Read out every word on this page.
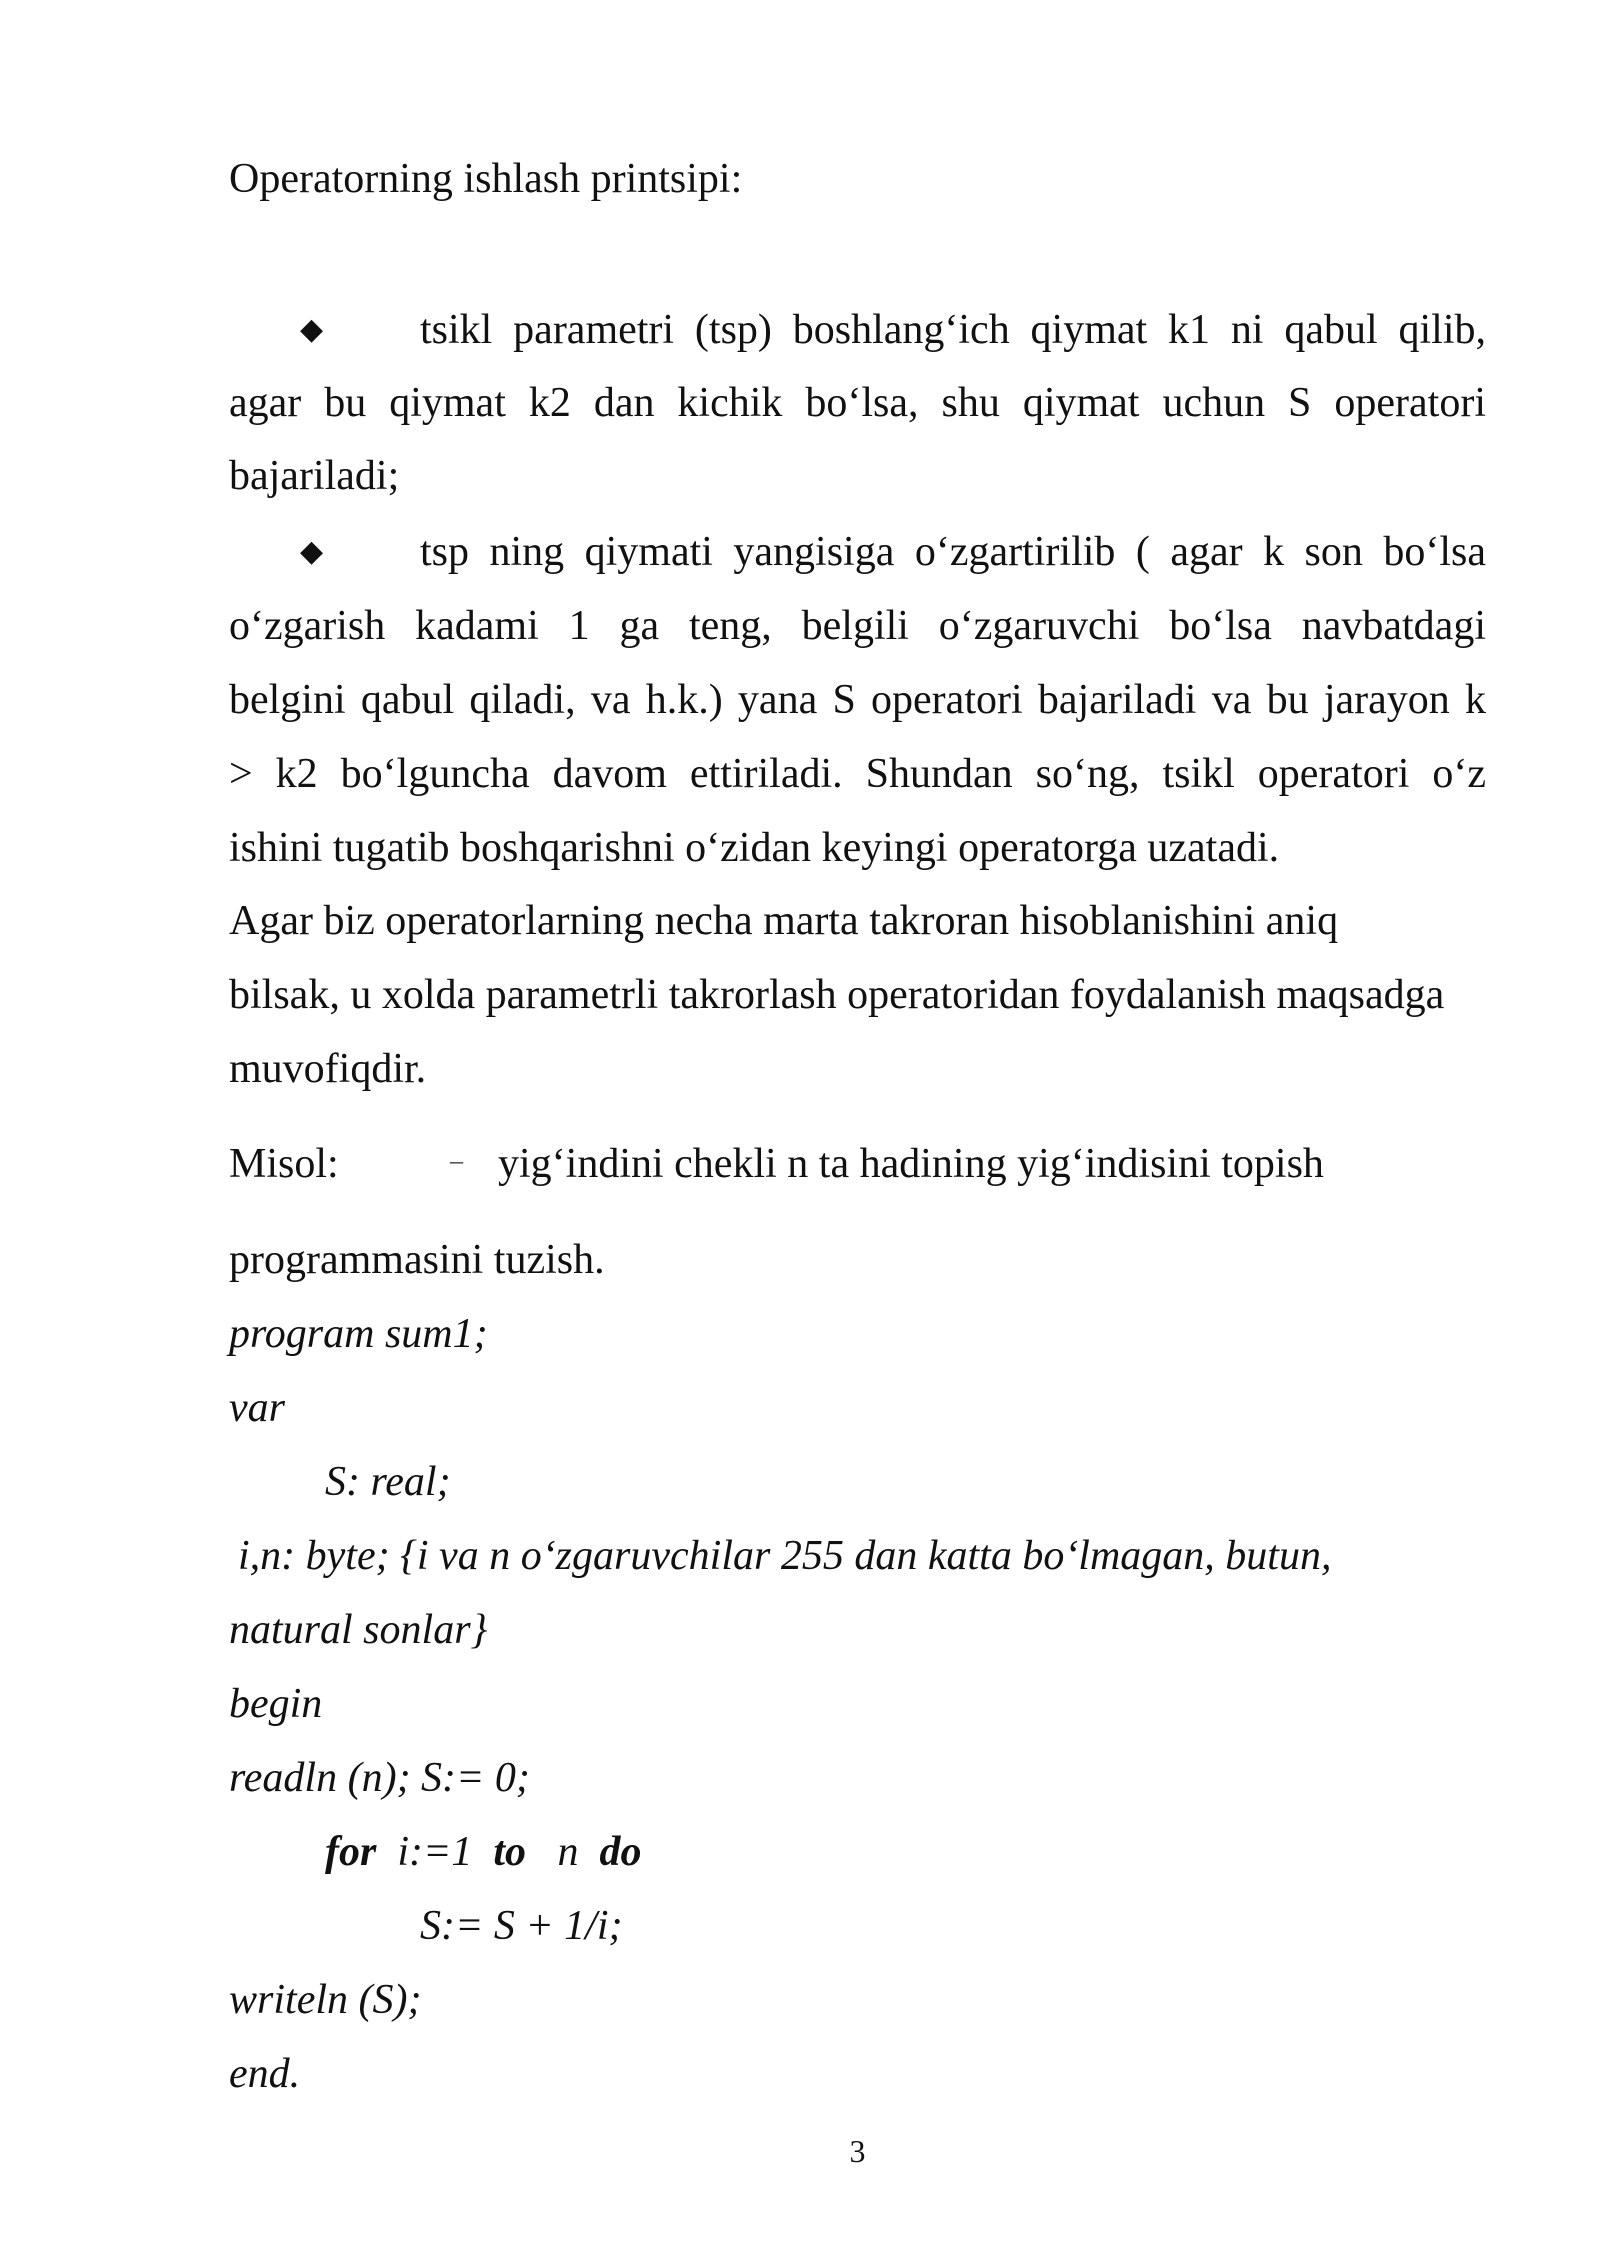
Operatorning ishlash printsipi:
◆ tsikl parametri (tsp) boshlang‘ich qiymat k1 ni qabul qilib,
agar bu qiymat k2 dan kichik bo‘lsa, shu qiymat uchun S operatori
bajariladi;
◆ tsp ning qiymati yangisiga o‘zgartirilib ( agar k son bo‘lsa
o‘zgarish kadami 1 ga teng, belgili o‘zgaruvchi bo‘lsa navbatdagi
belgini qabul qiladi, va h.k.) yana S operatori bajariladi va bu jarayon k
> k2 bo‘lguncha davom ettiriladi. Shundan so‘ng, tsikl operatori o‘z
ishini tugatib boshqarishni o‘zidan keyingi operatorga uzatadi.
Agar biz operatorlarning necha marta takroran hisoblanishini aniq
bilsak, u xolda parametrli takrorlash operatoridan foydalanish maqsadga
muvofiqdir.
Misol:	– yig‘indini chekli n ta hadining yig‘indisini topish
programmasini tuzish.
program sum1;
var
S: real;
i,n: byte; {i va n o‘zgaruvchilar 255 dan katta bo‘lmagan, butun,
natural sonlar}
begin
readln (n); S:= 0;
for i:=1 to n do
S:= S + 1/i;
writeln (S);
end.
3
